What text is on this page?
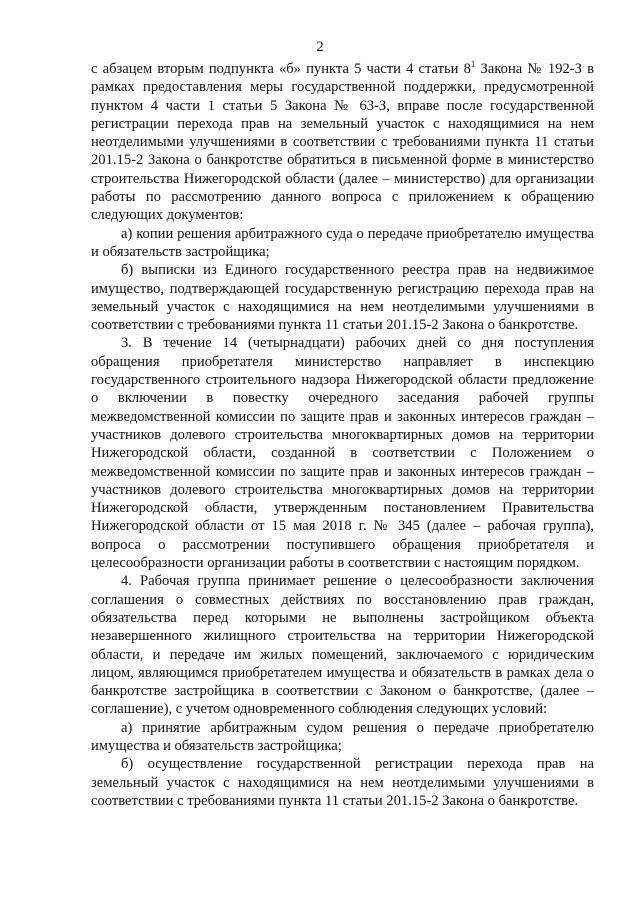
2

с абзацем вторым подпункта «б» пункта 5 части 4 статьи $8^1$ Закона № 192-З в рамках предоставления меры государственной поддержки, предусмотренной пунктом 4 части 1 статьи 5 Закона № 63-З, вправе после государственной регистрации перехода прав на земельный участок с находящимися на нем неотделимыми улучшениями в соответствии с требованиями пункта 11 статьи 201.15-2 Закона о банкротстве обратиться в письменной форме в министерство строительства Нижегородской области (далее – министерство) для организации работы по рассмотрению данного вопроса с приложением к обращению следующих документов:

а) копии решения арбитражного суда о передаче приобретателю имущества и обязательств застройщика;

б) выписки из Единого государственного реестра прав на недвижимое имущество, подтверждающей государственную регистрацию перехода прав на земельный участок с находящимися на нем неотделимыми улучшениями в соответствии с требованиями пункта 11 статьи 201.15-2 Закона о банкротстве.

3. В течение 14 (четырнадцати) рабочих дней со дня поступления обращения приобретателя министерство направляет в инспекцию государственного строительного надзора Нижегородской области предложение о включении в повестку очередного заседания рабочей группы межведомственной комиссии по защите прав и законных интересов граждан – участников долевого строительства многоквартирных домов на территории Нижегородской области, созданной в соответствии с Положением о межведомственной комиссии по защите прав и законных интересов граждан – участников долевого строительства многоквартирных домов на территории Нижегородской области, утвержденным постановлением Правительства Нижегородской области от 15 мая 2018 г. № 345 (далее – рабочая группа), вопроса о рассмотрении поступившего обращения приобретателя и целесообразности организации работы в соответствии с настоящим порядком.

4. Рабочая группа принимает решение о целесообразности заключения соглашения о совместных действиях по восстановлению прав граждан, обязательства перед которыми не выполнены застройщиком объекта незавершенного жилищного строительства на территории Нижегородской области, и передаче им жилых помещений, заключаемого с юридическим лицом, являющимся приобретателем имущества и обязательств в рамках дела о банкротстве застройщика в соответствии с Законом о банкротстве, (далее – соглашение), с учетом одновременного соблюдения следующих условий:

а) принятие арбитражным судом решения о передаче приобретателю имущества и обязательств застройщика;

б) осуществление государственной регистрации перехода прав на земельный участок с находящимися на нем неотделимыми улучшениями в соответствии с требованиями пункта 11 статьи 201.15-2 Закона о банкротстве.
